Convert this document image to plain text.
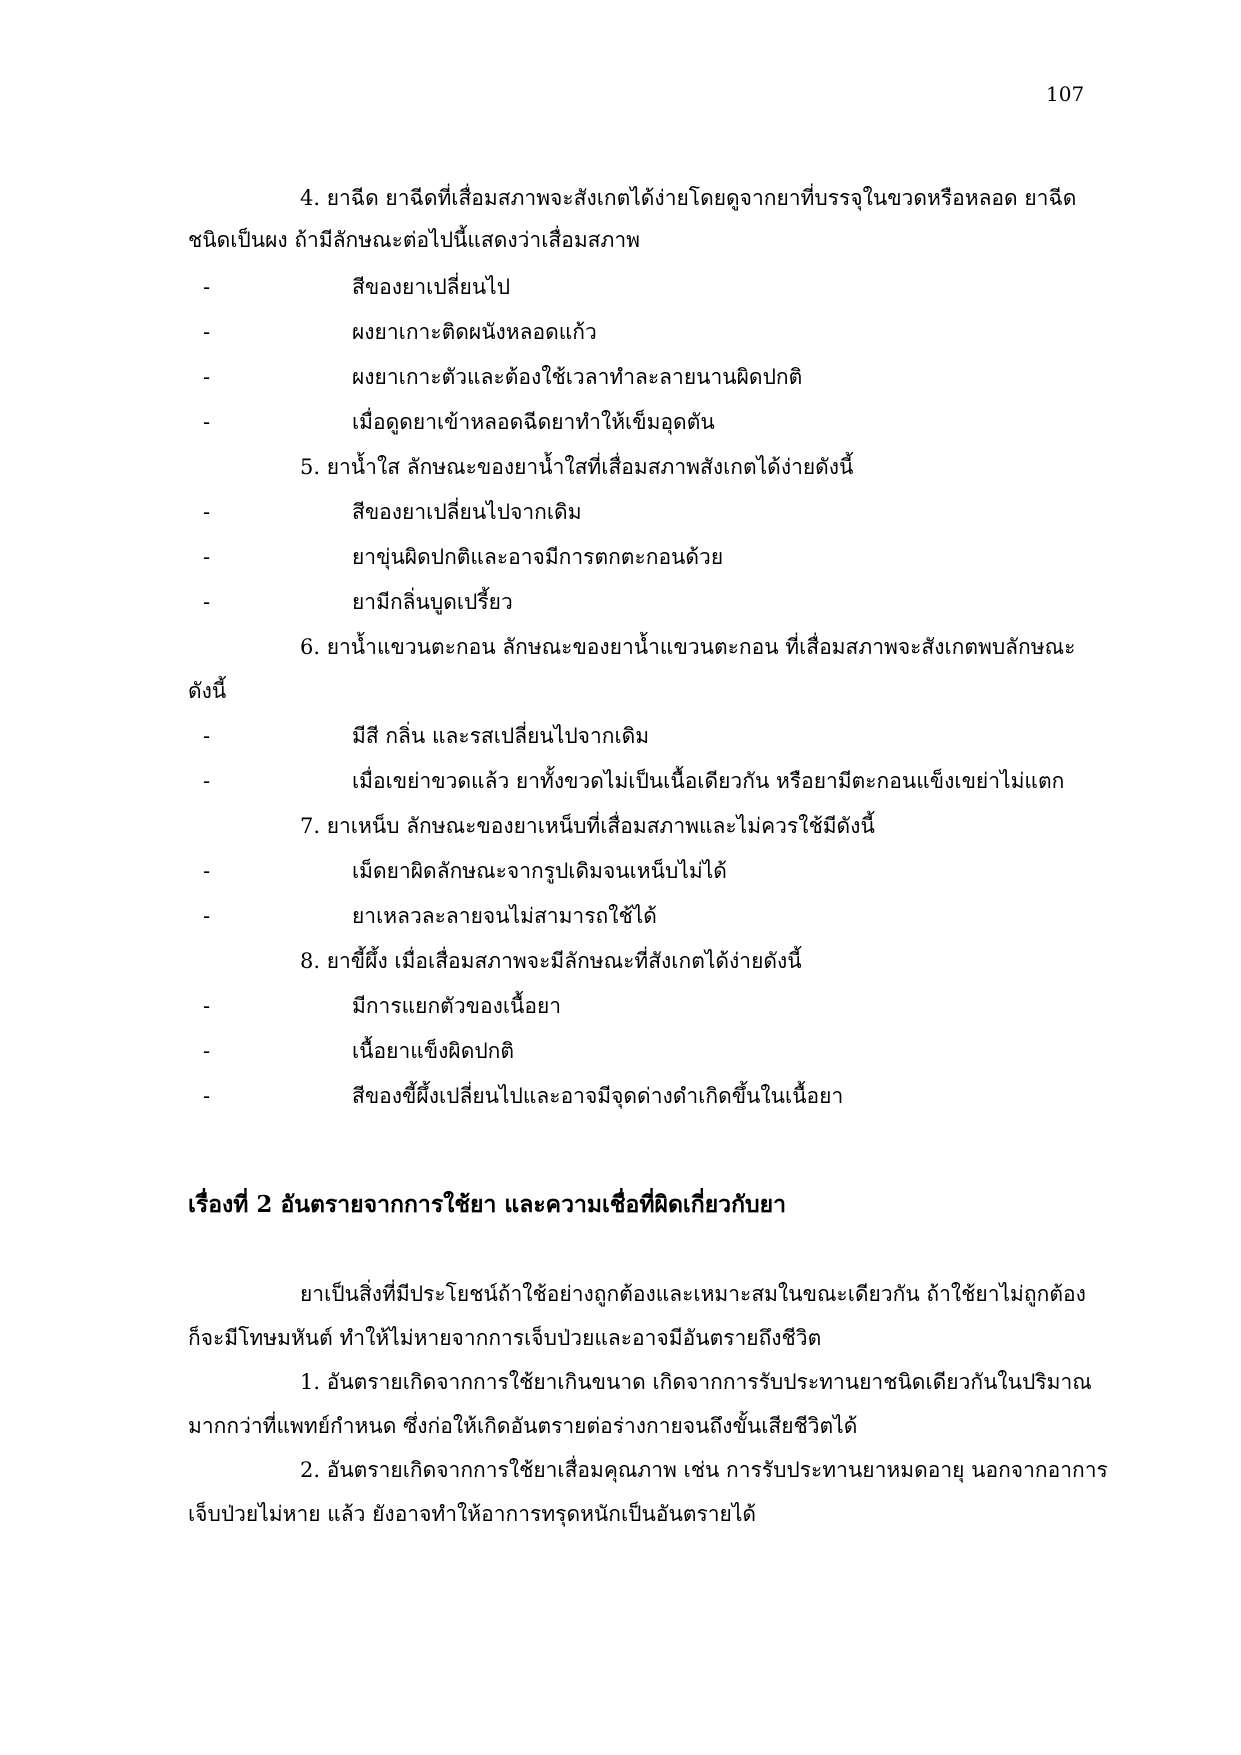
107
4. ยาฉีด ยาฉีดที่เสื่อมสภาพจะสังเกตได้ง่ายโดยดูจากยาที่บรรจุในขวดหรือหลอด ยาฉีด
ชนิดเป็นผง ถ้ามีลักษณะต่อไปนี้แสดงว่าเสื่อมสภาพ
-	สีของยาเปลี่ยนไป
-	ผงยาเกาะติดผนังหลอดแก้ว
-	ผงยาเกาะตัวและต้องใช้เวลาทำละลายนานผิดปกติ
-	เมื่อดูดยาเข้าหลอดฉีดยาทำให้เข็มอุดตัน
5. ยาน้ำใส ลักษณะของยาน้ำใสที่เสื่อมสภาพสังเกตได้ง่ายดังนี้
-	สีของยาเปลี่ยนไปจากเดิม
-	ยาขุ่นผิดปกติและอาจมีการตกตะกอนด้วย
-	ยามีกลิ่นบูดเปรี้ยว
6. ยาน้ำแขวนตะกอน ลักษณะของยาน้ำแขวนตะกอน ที่เสื่อมสภาพจะสังเกตพบลักษณะ
ดังนี้
-	มีสี กลิ่น และรสเปลี่ยนไปจากเดิม
-	เมื่อเขย่าขวดแล้ว ยาทั้งขวดไม่เป็นเนื้อเดียวกัน หรือยามีตะกอนแข็งเขย่าไม่แตก
7. ยาเหน็บ ลักษณะของยาเหน็บที่เสื่อมสภาพและไม่ควรใช้มีดังนี้
-	เม็ดยาผิดลักษณะจากรูปเดิมจนเหน็บไม่ได้
-	ยาเหลวละลายจนไม่สามารถใช้ได้
8. ยาขี้ผึ้ง เมื่อเสื่อมสภาพจะมีลักษณะที่สังเกตได้ง่ายดังนี้
-	มีการแยกตัวของเนื้อยา
-	เนื้อยาแข็งผิดปกติ
-	สีของขี้ผึ้งเปลี่ยนไปและอาจมีจุดด่างดำเกิดขึ้นในเนื้อยา
เรื่องที่ 2 อันตรายจากการใช้ยา และความเชื่อที่ผิดเกี่ยวกับยา
ยาเป็นสิ่งที่มีประโยชน์ถ้าใช้อย่างถูกต้องและเหมาะสมในขณะเดียวกัน ถ้าใช้ยาไม่ถูกต้อง
ก็จะมีโทษมหันต์ ทำให้ไม่หายจากการเจ็บป่วยและอาจมีอันตรายถึงชีวิต
1. อันตรายเกิดจากการใช้ยาเกินขนาด เกิดจากการรับประทานยาชนิดเดียวกันในปริมาณ
มากกว่าที่แพทย์กำหนด ซึ่งก่อให้เกิดอันตรายต่อร่างกายจนถึงขั้นเสียชีวิตได้
2. อันตรายเกิดจากการใช้ยาเสื่อมคุณภาพ เช่น การรับประทานยาหมดอายุ นอกจากอาการ
เจ็บป่วยไม่หาย แล้ว ยังอาจทำให้อาการทรุดหนักเป็นอันตรายได้
